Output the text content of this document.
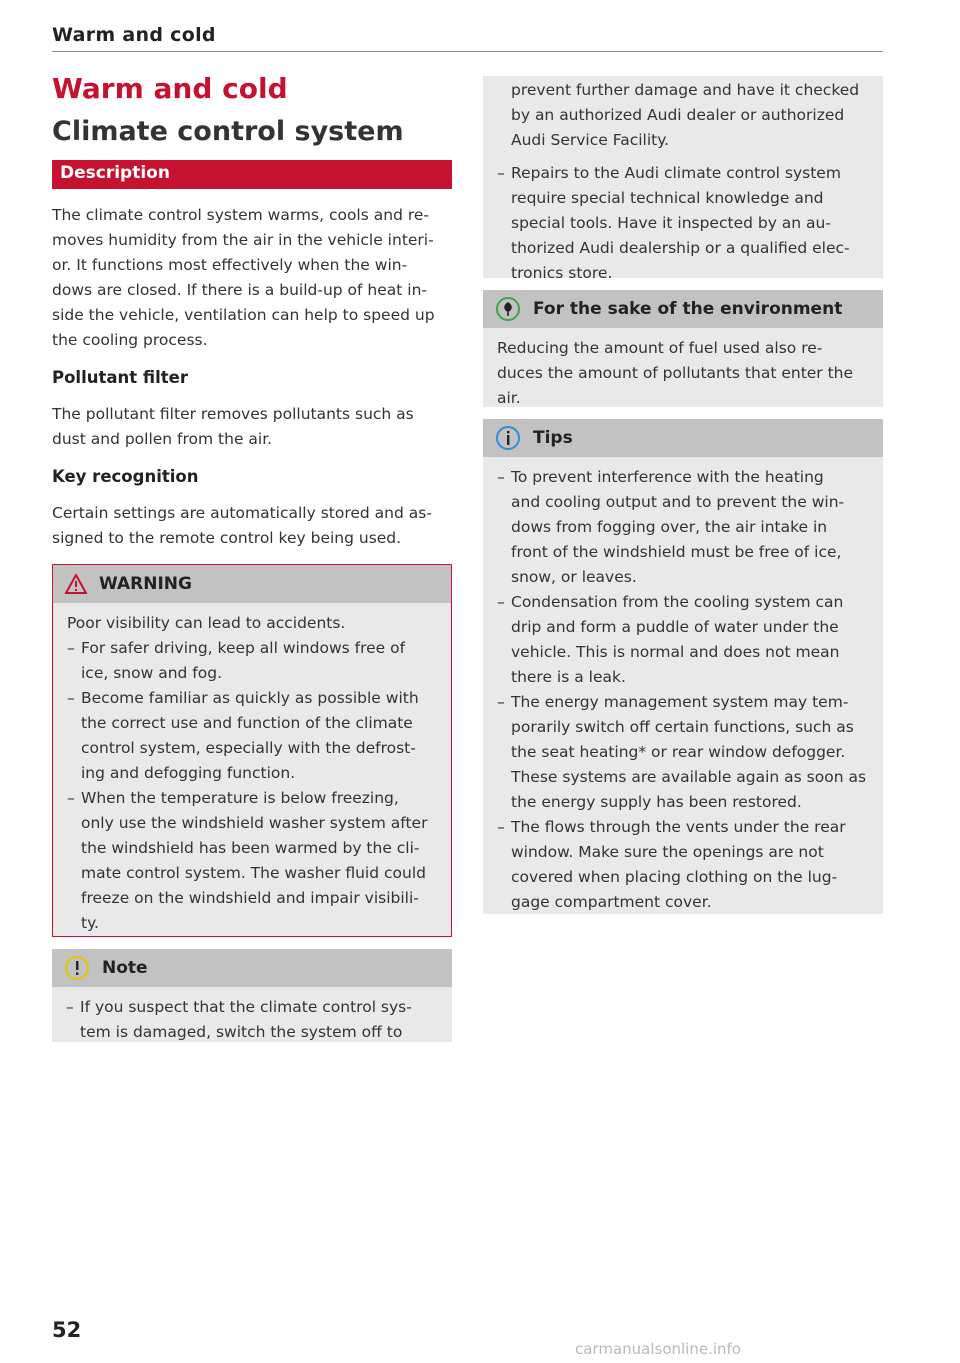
Warm and cold
Warm and cold
Climate control system
Description
The climate control system warms, cools and re-
moves humidity from the air in the vehicle interi-
or. It functions most effectively when the win-
dows are closed. If there is a build-up of heat in-
side the vehicle, ventilation can help to speed up
the cooling process.
Pollutant filter
The pollutant filter removes pollutants such as
dust and pollen from the air.
Key recognition
Certain settings are automatically stored and as-
signed to the remote control key being used.
WARNING
Poor visibility can lead to accidents.
– For safer driving, keep all windows free of
ice, snow and fog.
– Become familiar as quickly as possible with
the correct use and function of the climate
control system, especially with the defrost-
ing and defogging function.
– When the temperature is below freezing,
only use the windshield washer system after
the windshield has been warmed by the cli-
mate control system. The washer fluid could
freeze on the windshield and impair visibili-
ty.
Note
– If you suspect that the climate control sys-
tem is damaged, switch the system off to
prevent further damage and have it checked
by an authorized Audi dealer or authorized
Audi Service Facility.
– Repairs to the Audi climate control system
require special technical knowledge and
special tools. Have it inspected by an au-
thorized Audi dealership or a qualified elec-
tronics store.
For the sake of the environment
Reducing the amount of fuel used also re-
duces the amount of pollutants that enter the
air.
Tips
– To prevent interference with the heating
and cooling output and to prevent the win-
dows from fogging over, the air intake in
front of the windshield must be free of ice,
snow, or leaves.
– Condensation from the cooling system can
drip and form a puddle of water under the
vehicle. This is normal and does not mean
there is a leak.
– The energy management system may tem-
porarily switch off certain functions, such as
the seat heating* or rear window defogger.
These systems are available again as soon as
the energy supply has been restored.
– The flows through the vents under the rear
window. Make sure the openings are not
covered when placing clothing on the lug-
gage compartment cover.
52
carmanualsonline.info
